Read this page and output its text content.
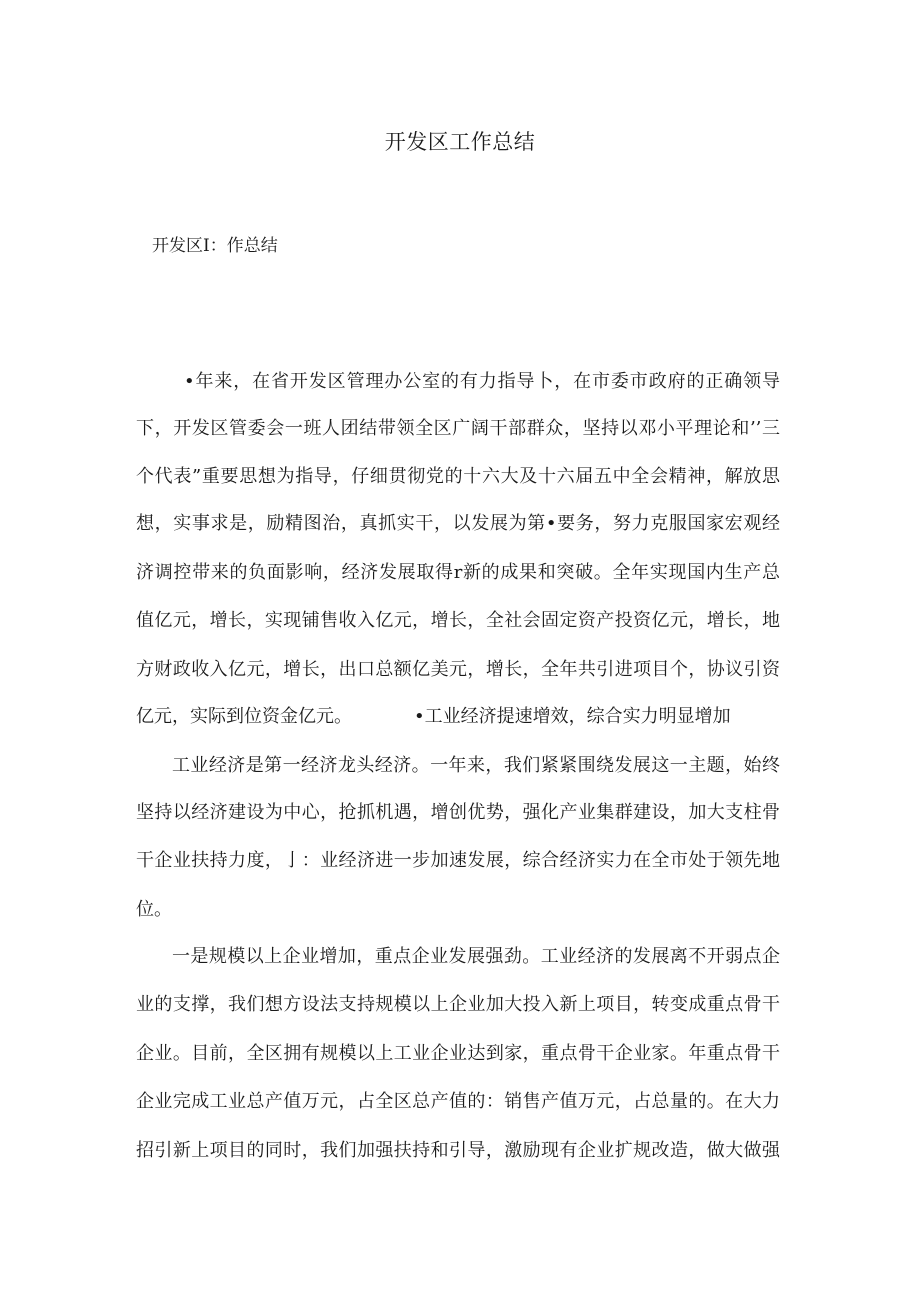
开发区工作总结

开发区I：作总结

•年来，在省开发区管理办公室的有力指导卜，在市委市政府的正确领导
下，开发区管委会一班人团结带领全区广阔干部群众，坚持以邓小平理论和’’三
个代表”重要思想为指导，仔细贯彻党的十六大及十六届五中全会精神，解放思
想，实事求是，励精图治，真抓实干，以发展为第•要务，努力克服国家宏观经
济调控带来的负面影响，经济发展取得r新的成果和突破。全年实现国内生产总
值亿元，增长，实现铺售收入亿元，增长，全社会固定资产投资亿元，增长，地
方财政收入亿元，增长，出口总额亿美元，增长，全年共引进项目个，协议引资
亿元，实际到位资金亿元。	•工业经济提速增效，综合实力明显增加
工业经济是第一经济龙头经济。一年来，我们紧紧围绕发展这一主题，始终
坚持以经济建设为中心，抢抓机遇，增创优势，强化产业集群建设，加大支柱骨
干企业扶持力度，亅：业经济进一步加速发展，综合经济实力在全市处于领先地
位。
一是规模以上企业增加，重点企业发展强劲。工业经济的发展离不开弱点企
业的支撑，我们想方设法支持规模以上企业加大投入新上项目，转变成重点骨干
企业。目前，全区拥有规模以上工业企业达到家，重点骨干企业家。年重点骨干
企业完成工业总产值万元，占全区总产值的：销售产值万元，占总量的。在大力
招引新上项目的同时，我们加强扶持和引导，激励现有企业扩规改造，做大做强
